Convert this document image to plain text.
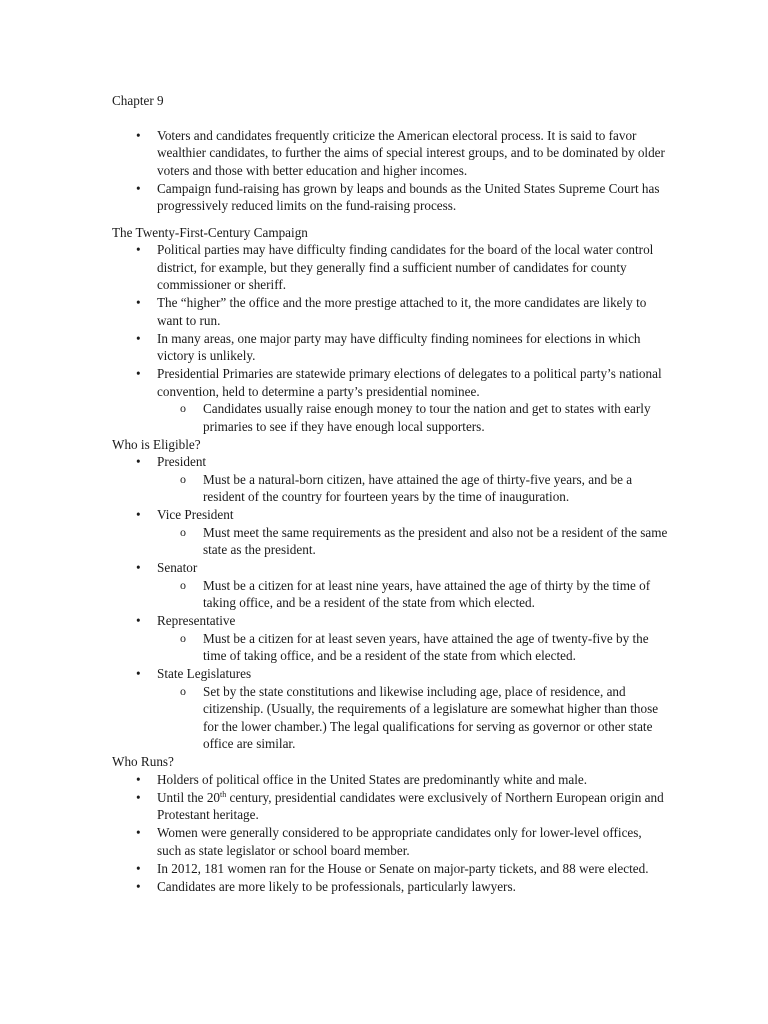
Chapter 9
• Voters and candidates frequently criticize the American electoral process. It is said to favor wealthier candidates, to further the aims of special interest groups, and to be dominated by older voters and those with better education and higher incomes.
• Campaign fund-raising has grown by leaps and bounds as the United States Supreme Court has progressively reduced limits on the fund-raising process.
The Twenty-First-Century Campaign
• Political parties may have difficulty finding candidates for the board of the local water control district, for example, but they generally find a sufficient number of candidates for county commissioner or sheriff.
• The “higher” the office and the more prestige attached to it, the more candidates are likely to want to run.
• In many areas, one major party may have difficulty finding nominees for elections in which victory is unlikely.
• Presidential Primaries are statewide primary elections of delegates to a political party’s national convention, held to determine a party’s presidential nominee.
o Candidates usually raise enough money to tour the nation and get to states with early primaries to see if they have enough local supporters.
Who is Eligible?
• President
o Must be a natural-born citizen, have attained the age of thirty-five years, and be a resident of the country for fourteen years by the time of inauguration.
• Vice President
o Must meet the same requirements as the president and also not be a resident of the same state as the president.
• Senator
o Must be a citizen for at least nine years, have attained the age of thirty by the time of taking office, and be a resident of the state from which elected.
• Representative
o Must be a citizen for at least seven years, have attained the age of twenty-five by the time of taking office, and be a resident of the state from which elected.
• State Legislatures
o Set by the state constitutions and likewise including age, place of residence, and citizenship. (Usually, the requirements of a legislature are somewhat higher than those for the lower chamber.) The legal qualifications for serving as governor or other state office are similar.
Who Runs?
• Holders of political office in the United States are predominantly white and male.
• Until the 20th century, presidential candidates were exclusively of Northern European origin and Protestant heritage.
• Women were generally considered to be appropriate candidates only for lower-level offices, such as state legislator or school board member.
• In 2012, 181 women ran for the House or Senate on major-party tickets, and 88 were elected.
• Candidates are more likely to be professionals, particularly lawyers.
